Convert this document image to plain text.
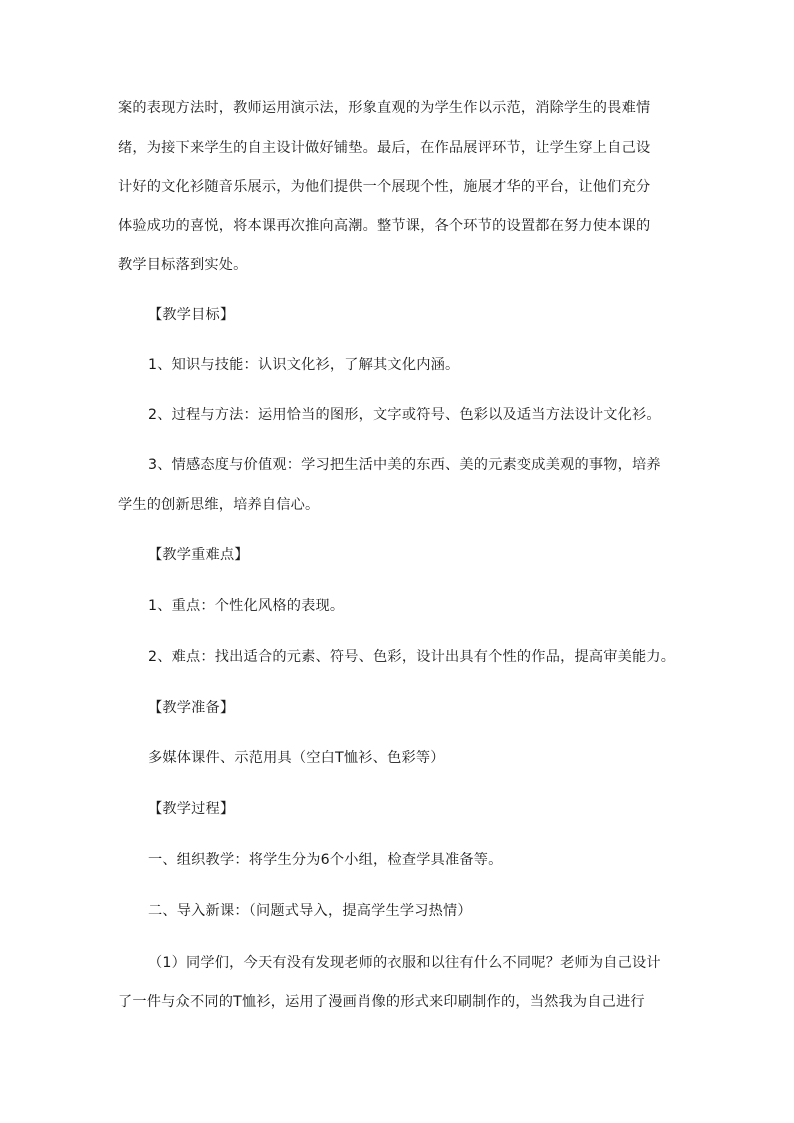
案的表现方法时，教师运用演示法，形象直观的为学生作以示范，消除学生的畏难情
绪，为接下来学生的自主设计做好铺垫。最后，在作品展评环节，让学生穿上自己设
计好的文化衫随音乐展示，为他们提供一个展现个性，施展才华的平台，让他们充分
体验成功的喜悦，将本课再次推向高潮。整节课，各个环节的设置都在努力使本课的
教学目标落到实处。
【教学目标】
1、知识与技能：认识文化衫，了解其文化内涵。
2、过程与方法：运用恰当的图形，文字或符号、色彩以及适当方法设计文化衫。
3、情感态度与价值观：学习把生活中美的东西、美的元素变成美观的事物，培养
学生的创新思维，培养自信心。
【教学重难点】
1、重点：个性化风格的表现。
2、难点：找出适合的元素、符号、色彩，设计出具有个性的作品，提高审美能力。
【教学准备】
多媒体课件、示范用具（空白T恤衫、色彩等）
【教学过程】
一、组织教学：将学生分为6个小组，检查学具准备等。
二、导入新课：（问题式导入，提高学生学习热情）
（1）同学们，今天有没有发现老师的衣服和以往有什么不同呢？老师为自己设计
了一件与众不同的T恤衫，运用了漫画肖像的形式来印刷制作的，当然我为自己进行
